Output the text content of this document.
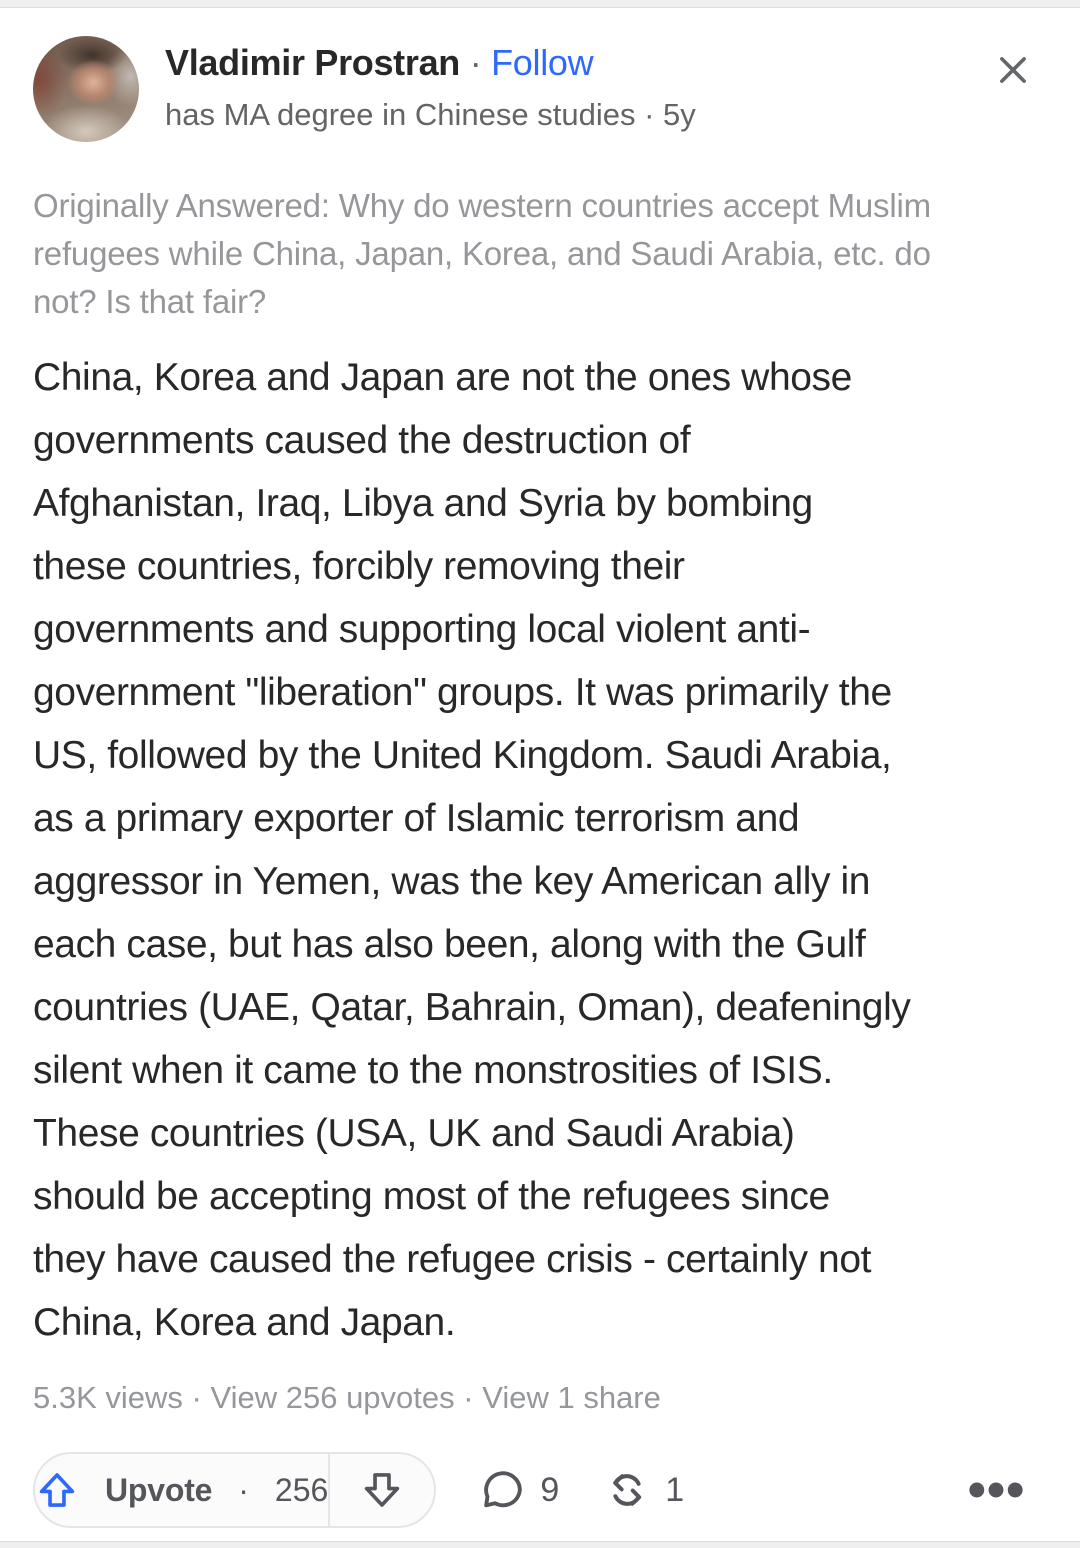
Vladimir Prostran · Follow
has MA degree in Chinese studies · 5y
Originally Answered: Why do western countries accept Muslim
refugees while China, Japan, Korea, and Saudi Arabia, etc. do
not? Is that fair?
China, Korea and Japan are not the ones whose
governments caused the destruction of
Afghanistan, Iraq, Libya and Syria by bombing
these countries, forcibly removing their
governments and supporting local violent anti-
government "liberation" groups. It was primarily the
US, followed by the United Kingdom. Saudi Arabia,
as a primary exporter of Islamic terrorism and
aggressor in Yemen, was the key American ally in
each case, but has also been, along with the Gulf
countries (UAE, Qatar, Bahrain, Oman), deafeningly
silent when it came to the monstrosities of ISIS.
These countries (USA, UK and Saudi Arabia)
should be accepting most of the refugees since
they have caused the refugee crisis - certainly not
China, Korea and Japan.
5.3K views · View 256 upvotes · View 1 share
Upvote · 256	9	1
